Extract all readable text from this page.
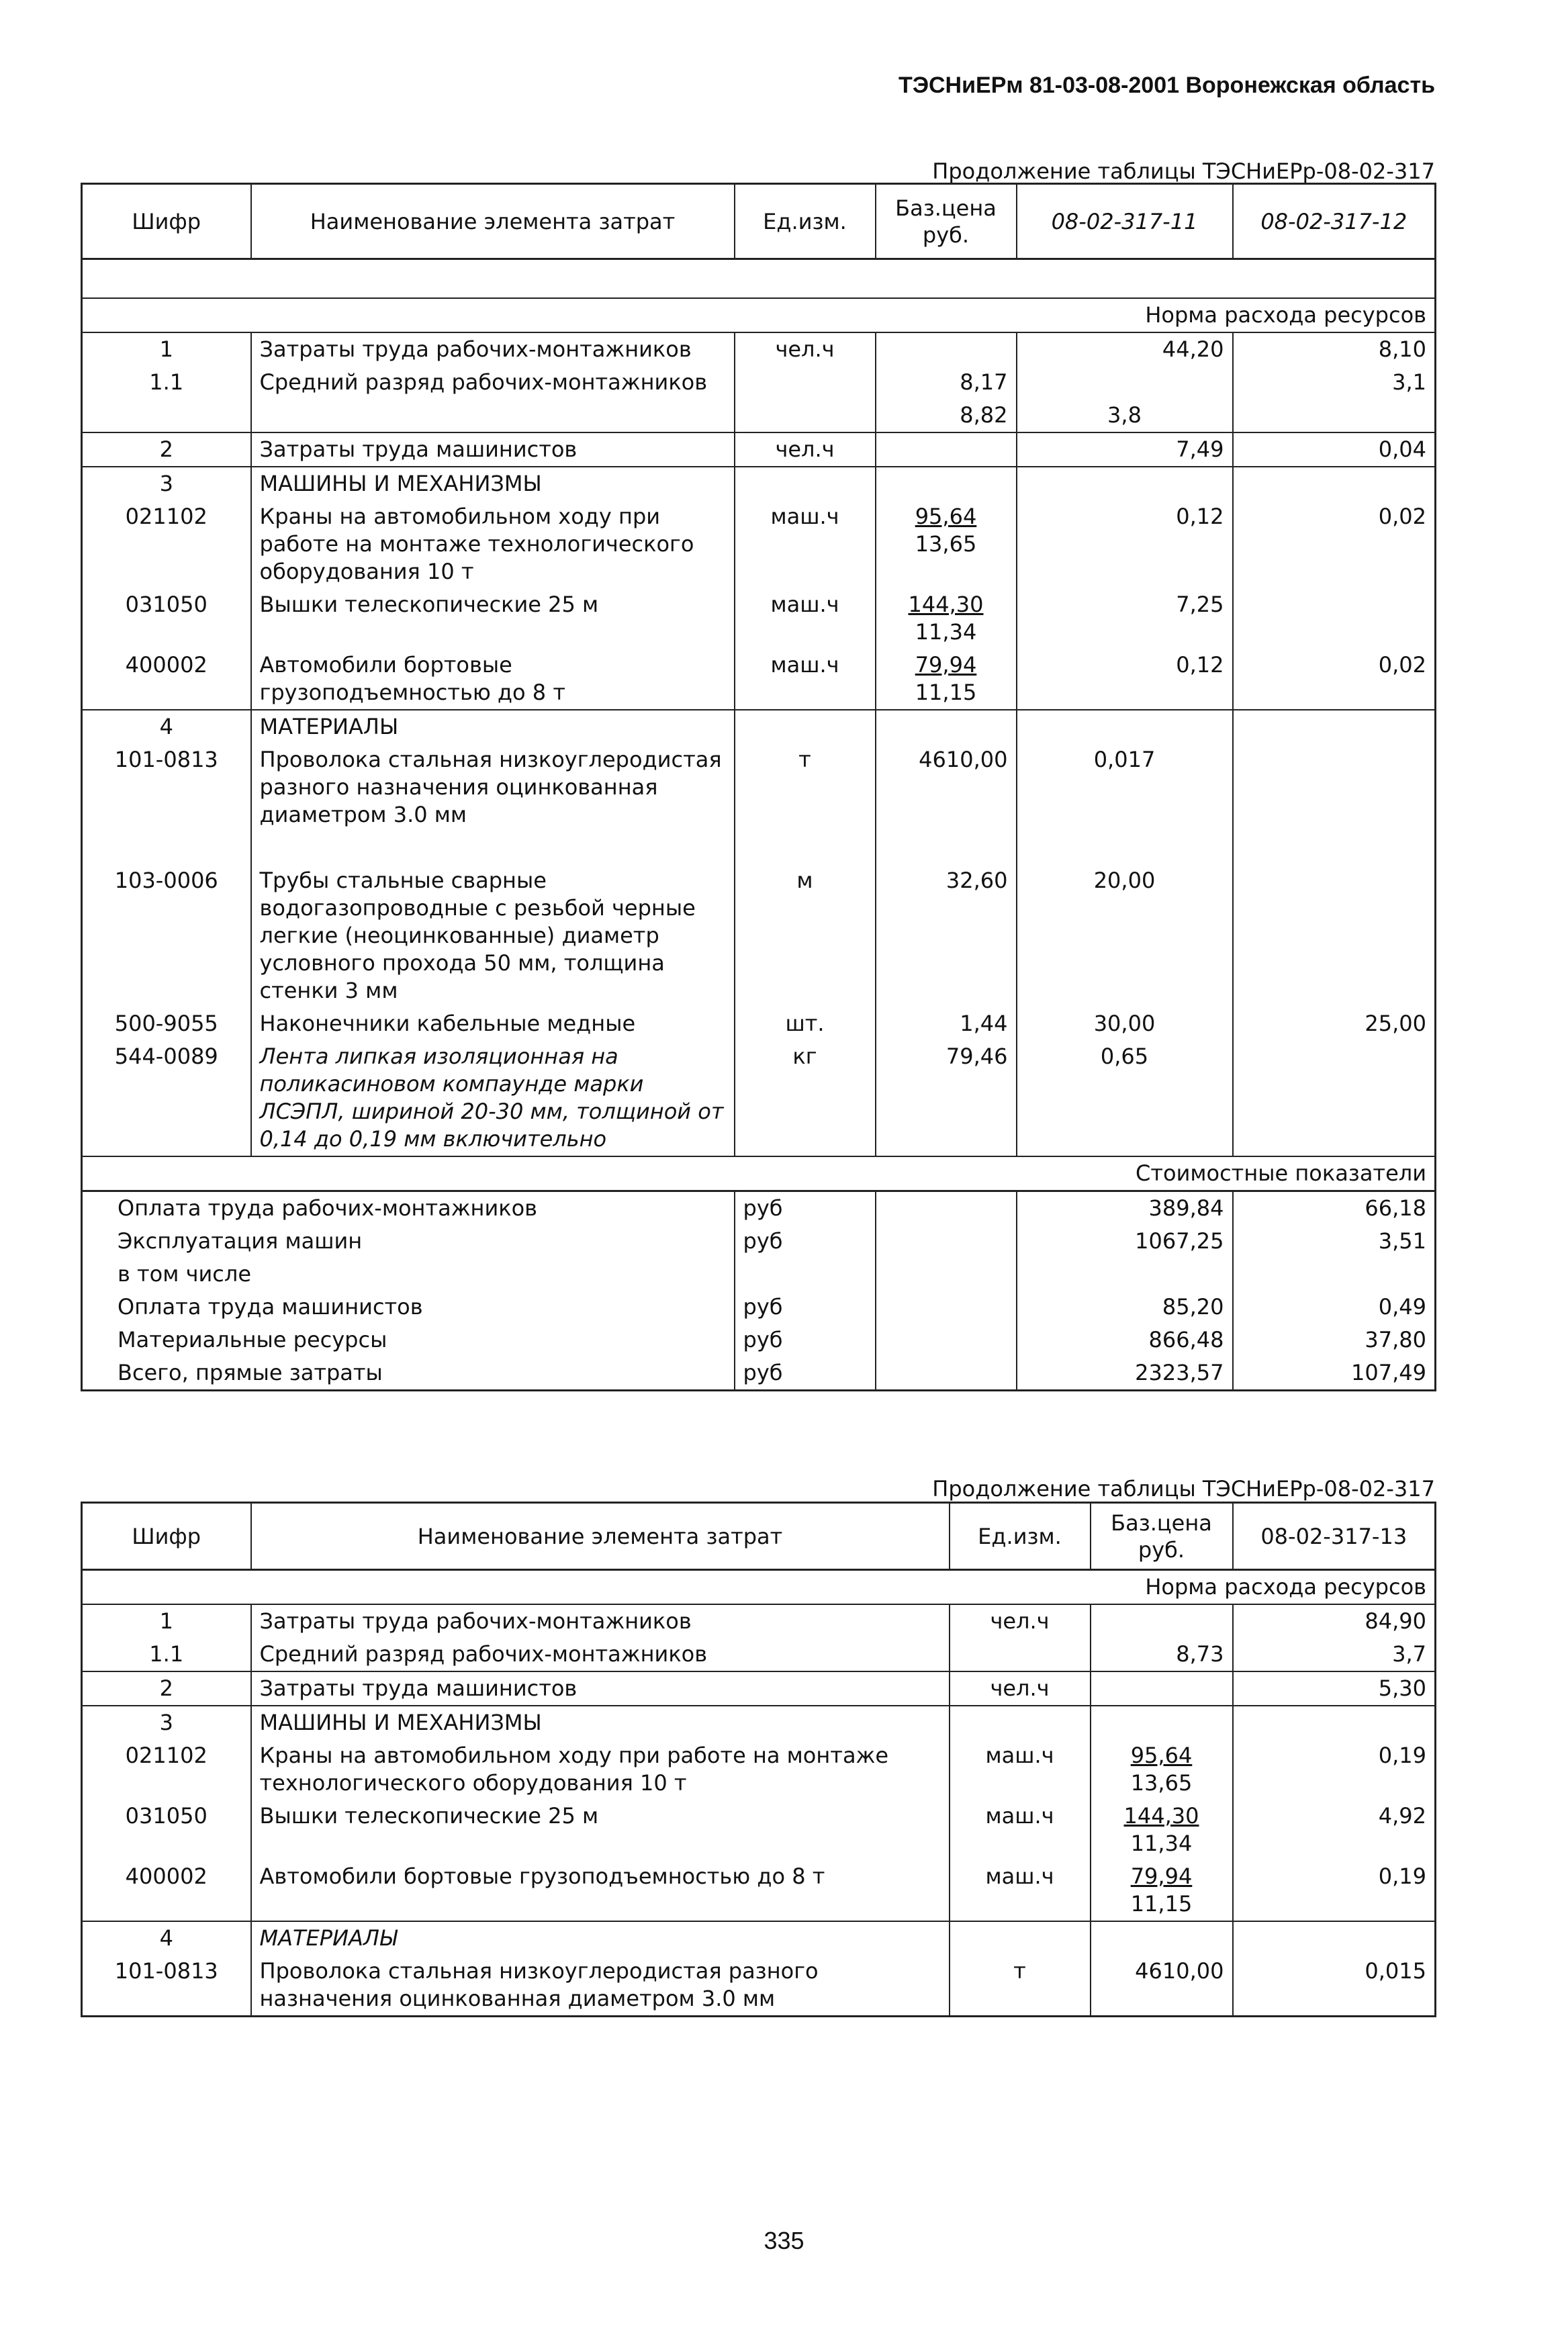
ТЭСНиЕРм 81-03-08-2001 Воронежская область
Продолжение таблицы ТЭСНиЕРр-08-02-317
Шифр	Наименование элемента затрат	Ед.изм.	Баз.цена
руб.	08-02-317-11	08-02-317-12

Норма расхода ресурсов					
1	Затраты труда рабочих-монтажников	чел.ч		44,20	8,10
1.1	Средний разряд рабочих-монтажников		8,17		3,1
			8,82	3,8	
2	Затраты труда машинистов	чел.ч		7,49	0,04
3	МАШИНЫ И МЕХАНИЗМЫ				
021102	Краны на автомобильном ходу при работе на монтаже технологического оборудования 10 т	маш.ч	95,64
13,65	0,12	0,02
031050	Вышки телескопические 25 м	маш.ч	144,30
11,34	7,25	
400002	Автомобили бортовые грузоподъемностью до 8 т	маш.ч	79,94
11,15	0,12	0,02
4	МАТЕРИАЛЫ				
101-0813	Проволока стальная низкоуглеродистая разного назначения оцинкованная диаметром 3.0 мм	т	4610,00	0,017	
103-0006	Трубы стальные сварные водогазопроводные с резьбой черные легкие (неоцинкованные) диаметр условного прохода 50 мм, толщина стенки 3 мм	м	32,60	20,00	
500-9055	Наконечники кабельные медные	шт.	1,44	30,00	25,00
544-0089	Лента липкая изоляционная на поликасиновом компаунде марки ЛСЭПЛ, шириной 20-30 мм, толщиной от 0,14 до 0,19 мм включительно	кг	79,46	0,65	
Стоимостные показатели					
Оплата труда рабочих-монтажников		руб		389,84	66,18
Эксплуатация машин		руб		1067,25	3,51
в том числе					
Оплата труда машинистов		руб		85,20	0,49
Материальные ресурсы		руб		866,48	37,80
Всего, прямые затраты		руб		2323,57	107,49
Продолжение таблицы ТЭСНиЕРр-08-02-317
Шифр	Наименование элемента затрат	Ед.изм.	Баз.цена
руб.	08-02-317-13
Норма расхода ресурсов				
1	Затраты труда рабочих-монтажников	чел.ч		84,90
1.1	Средний разряд рабочих-монтажников		8,73	3,7
2	Затраты труда машинистов	чел.ч		5,30
3	МАШИНЫ И МЕХАНИЗМЫ			
021102	Краны на автомобильном ходу при работе на монтаже технологического оборудования 10 т	маш.ч	95,64
13,65	0,19
031050	Вышки телескопические 25 м	маш.ч	144,30
11,34	4,92
400002	Автомобили бортовые грузоподъемностью до 8 т	маш.ч	79,94
11,15	0,19
4	МАТЕРИАЛЫ			
101-0813	Проволока стальная низкоуглеродистая разного назначения оцинкованная диаметром 3.0 мм	т	4610,00	0,015
335
